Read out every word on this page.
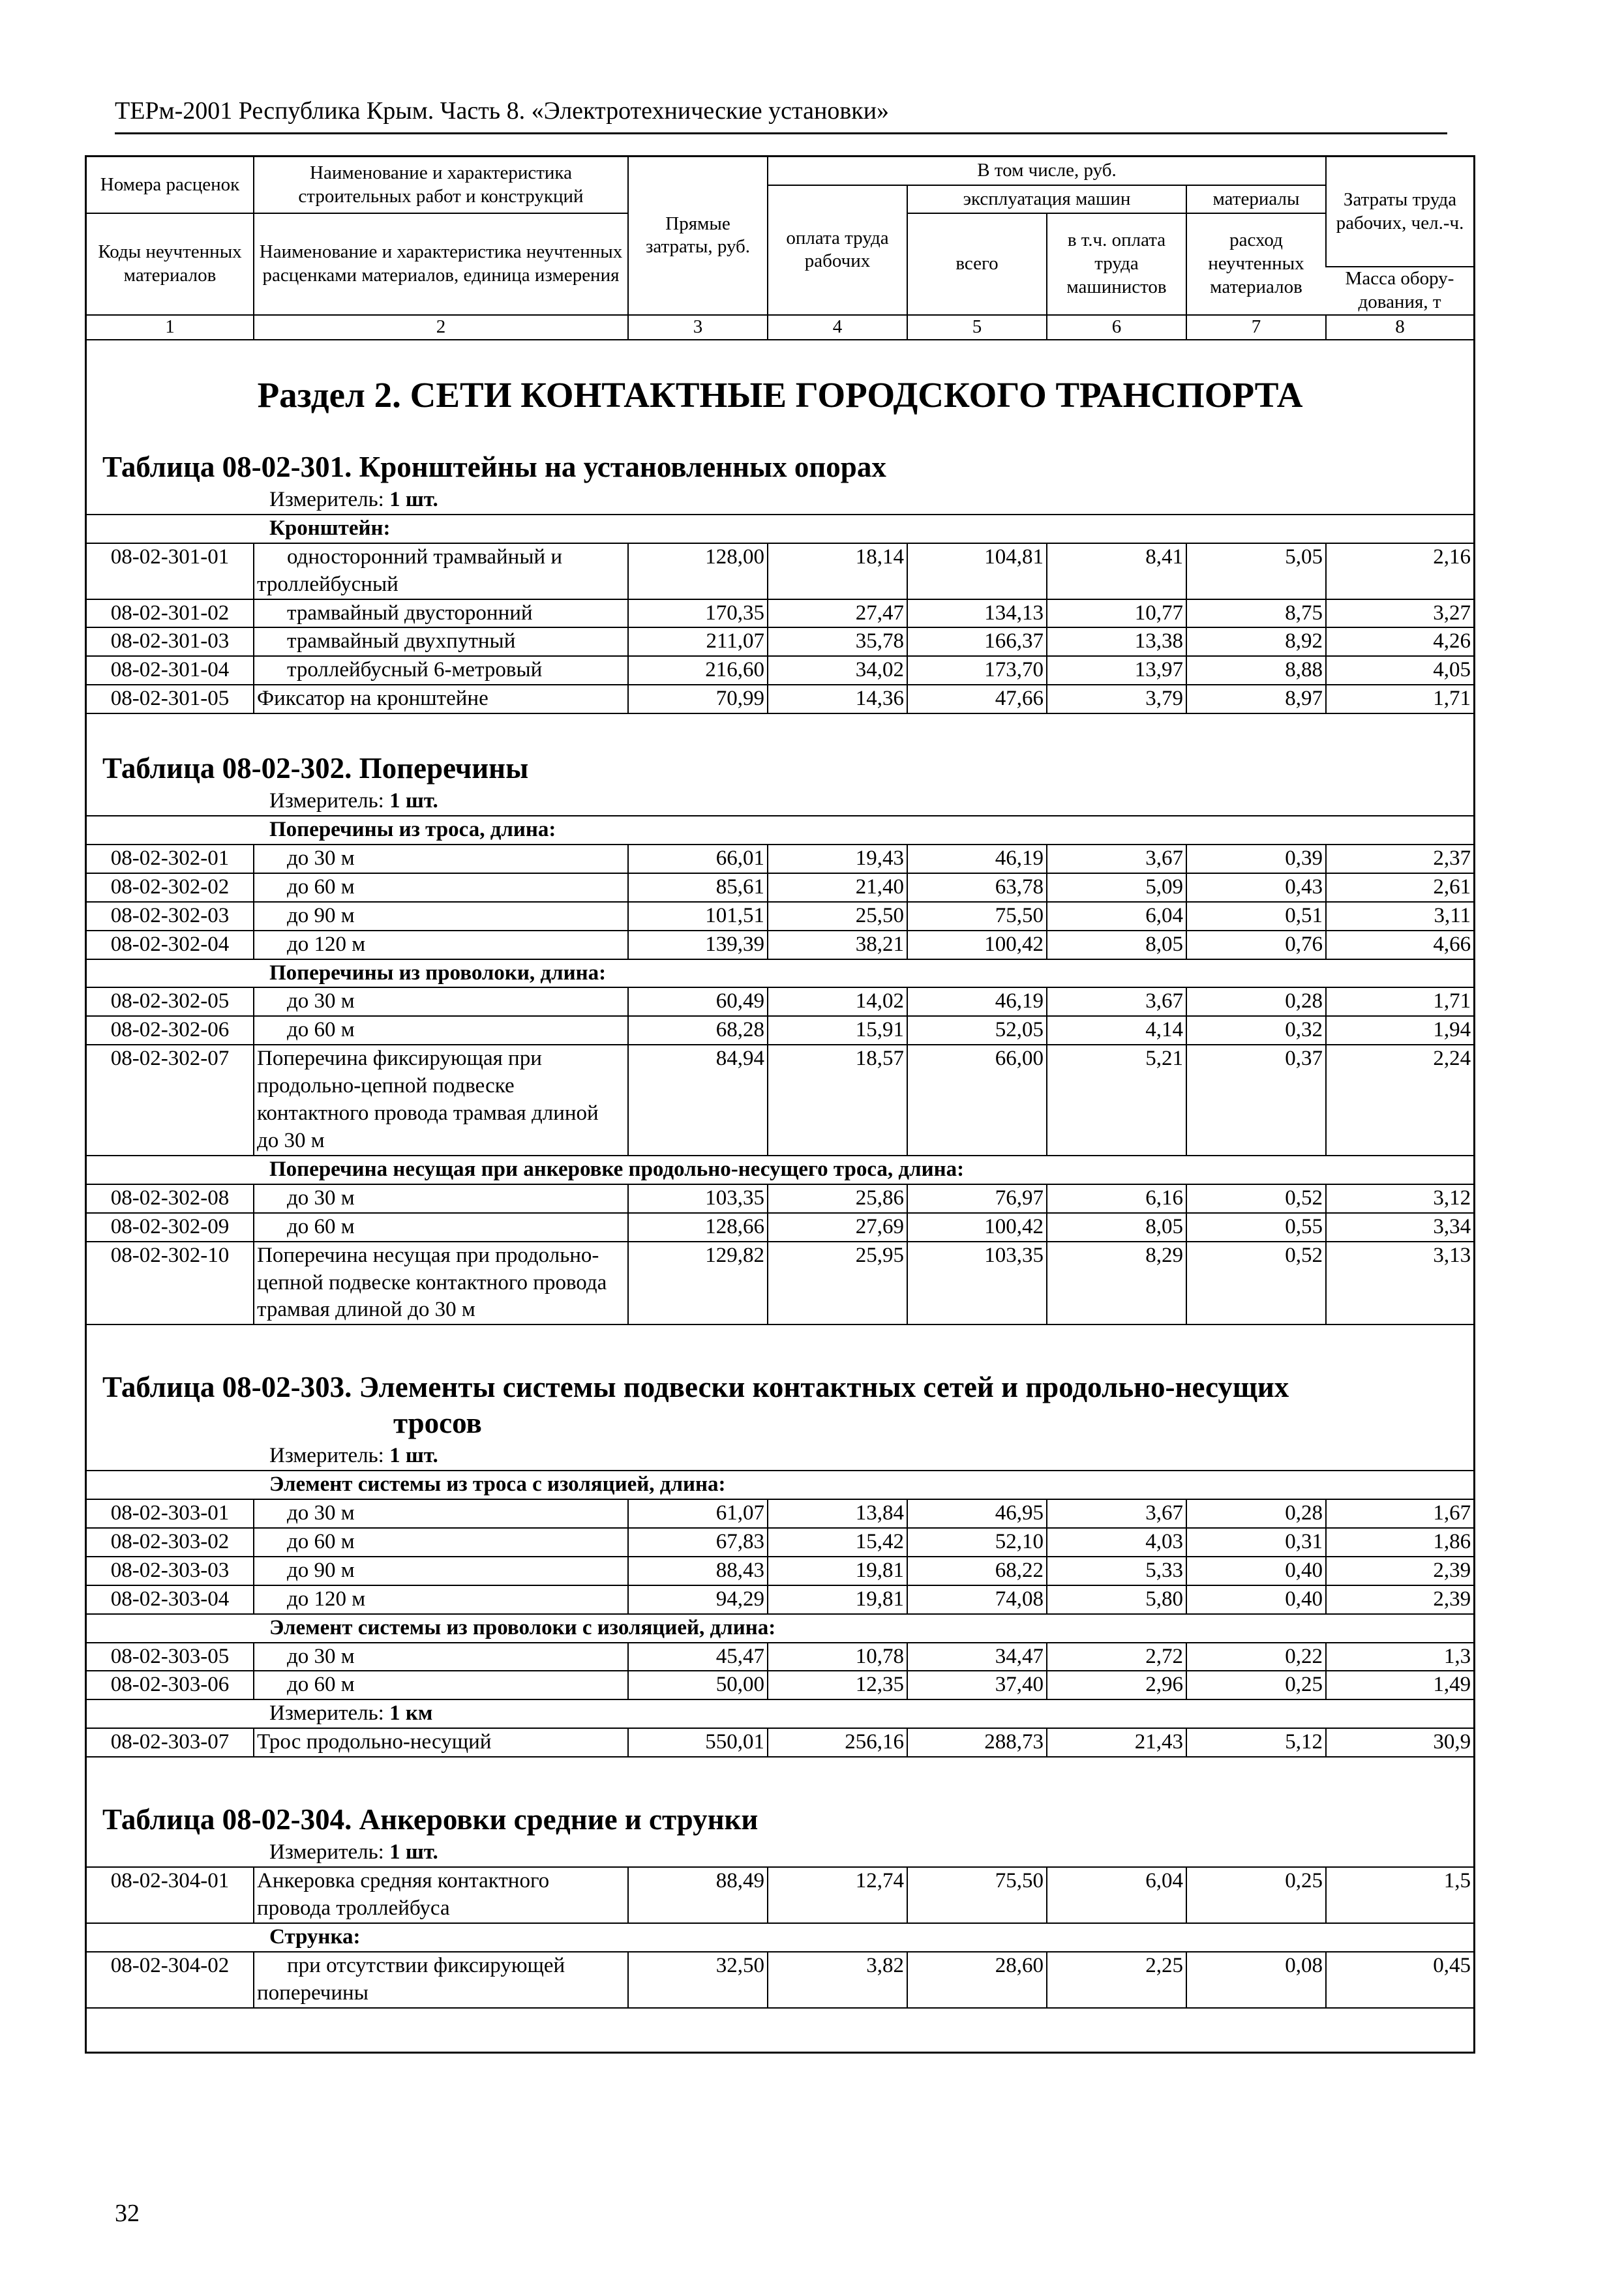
ТЕРм-2001 Республика Крым. Часть 8. «Электротехнические установки»
Номера расценок	Наименование и характеристика строительных работ и конструкций	Прямые затраты, руб.	В том числе, руб.				Затраты труда рабочих, чел.-ч.
			оплата труда рабочих	эксплуатация машин		материалы	
Коды неучтенных материалов	Наименование и характеристика неучтенных расценками материалов, единица измерения			всего	в т.ч. оплата труда машинистов	расход неучтенных материалов	
							Масса обору-дования, т
1	2	3	4	5	6	7	8
Раздел 2. СЕТИ КОНТАКТНЫЕ ГОРОДСКОГО ТРАНСПОРТА
Таблица 08-02-301. Кронштейны на установленных опорах
Измеритель: 1 шт.
Кронштейн:							
08-02-301-01	односторонний трамвайный и троллейбусный	128,00	18,14	104,81	8,41	5,05	2,16
08-02-301-02	трамвайный двусторонний	170,35	27,47	134,13	10,77	8,75	3,27
08-02-301-03	трамвайный двухпутный	211,07	35,78	166,37	13,38	8,92	4,26
08-02-301-04	троллейбусный 6-метровый	216,60	34,02	173,70	13,97	8,88	4,05
08-02-301-05	Фиксатор на кронштейне	70,99	14,36	47,66	3,79	8,97	1,71
Таблица 08-02-302. Поперечины
Измеритель: 1 шт.
Поперечины из троса, длина:							
08-02-302-01	до 30 м	66,01	19,43	46,19	3,67	0,39	2,37
08-02-302-02	до 60 м	85,61	21,40	63,78	5,09	0,43	2,61
08-02-302-03	до 90 м	101,51	25,50	75,50	6,04	0,51	3,11
08-02-302-04	до 120 м	139,39	38,21	100,42	8,05	0,76	4,66
Поперечины из проволоки, длина:							
08-02-302-05	до 30 м	60,49	14,02	46,19	3,67	0,28	1,71
08-02-302-06	до 60 м	68,28	15,91	52,05	4,14	0,32	1,94
08-02-302-07	Поперечина фиксирующая при продольно-цепной подвеске контактного провода трамвая длиной до 30 м	84,94	18,57	66,00	5,21	0,37	2,24
Поперечина несущая при анкеровке продольно-несущего троса, длина:							
08-02-302-08	до 30 м	103,35	25,86	76,97	6,16	0,52	3,12
08-02-302-09	до 60 м	128,66	27,69	100,42	8,05	0,55	3,34
08-02-302-10	Поперечина несущая при продольно-цепной подвеске контактного провода трамвая длиной до 30 м	129,82	25,95	103,35	8,29	0,52	3,13
Таблица 08-02-303. Элементы системы подвески контактных сетей и продольно-несущих
тросов
Измеритель: 1 шт.
Элемент системы из троса с изоляцией, длина:							
08-02-303-01	до 30 м	61,07	13,84	46,95	3,67	0,28	1,67
08-02-303-02	до 60 м	67,83	15,42	52,10	4,03	0,31	1,86
08-02-303-03	до 90 м	88,43	19,81	68,22	5,33	0,40	2,39
08-02-303-04	до 120 м	94,29	19,81	74,08	5,80	0,40	2,39
Элемент системы из проволоки с изоляцией, длина:							
08-02-303-05	до 30 м	45,47	10,78	34,47	2,72	0,22	1,3
08-02-303-06	до 60 м	50,00	12,35	37,40	2,96	0,25	1,49
Измеритель: 1 км							
08-02-303-07	Трос продольно-несущий	550,01	256,16	288,73	21,43	5,12	30,9
Таблица 08-02-304. Анкеровки средние и струнки
Измеритель: 1 шт.
08-02-304-01	Анкеровка средняя контактного провода троллейбуса	88,49	12,74	75,50	6,04	0,25	1,5
Струнка:							
08-02-304-02	при отсутствии фиксирующей поперечины	32,50	3,82	28,60	2,25	0,08	0,45
32
